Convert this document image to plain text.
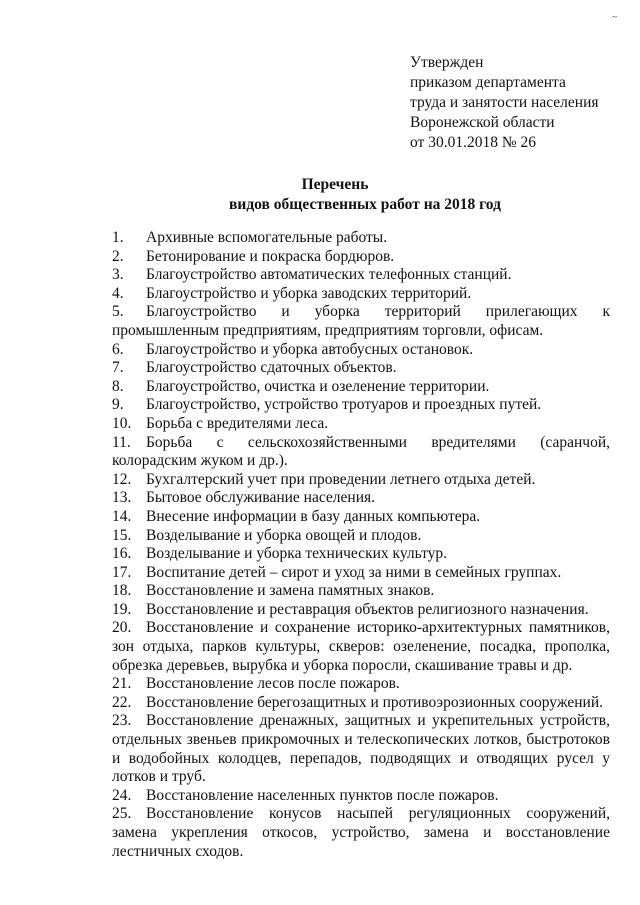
~
Утвержден
приказом департамента
труда и занятости населения
Воронежской области
от 30.01.2018 № 26
Перечень
видов общественных работ на 2018 год
1. Архивные вспомогательные работы.
2. Бетонирование и покраска бордюров.
3. Благоустройство автоматических телефонных станций.
4. Благоустройство и уборка заводских территорий.
5. Благоустройство и уборка территорий прилегающих к промышленным предприятиям, предприятиям торговли, офисам.
6. Благоустройство и уборка автобусных остановок.
7. Благоустройство сдаточных объектов.
8. Благоустройство, очистка и озеленение территории.
9. Благоустройство, устройство тротуаров и проездных путей.
10. Борьба с вредителями леса.
11. Борьба с сельскохозяйственными вредителями (саранчой, колорадским жуком и др.).
12. Бухгалтерский учет при проведении летнего отдыха детей.
13. Бытовое обслуживание населения.
14. Внесение информации в базу данных компьютера.
15. Возделывание и уборка овощей и плодов.
16. Возделывание и уборка технических культур.
17. Воспитание детей – сирот и уход за ними в семейных группах.
18. Восстановление и замена памятных знаков.
19. Восстановление и реставрация объектов религиозного назначения.
20. Восстановление и сохранение историко-архитектурных памятников, зон отдыха, парков культуры, скверов: озеленение, посадка, прополка, обрезка деревьев, вырубка и уборка поросли, скашивание травы и др.
21. Восстановление лесов после пожаров.
22. Восстановление берегозащитных и противоэрозионных сооружений.
23. Восстановление дренажных, защитных и укрепительных устройств, отдельных звеньев прикромочных и телескопических лотков, быстротоков и водобойных колодцев, перепадов, подводящих и отводящих русел у лотков и труб.
24. Восстановление населенных пунктов после пожаров.
25. Восстановление конусов насыпей регуляционных сооружений, замена укрепления откосов, устройство, замена и восстановление лестничных сходов.
